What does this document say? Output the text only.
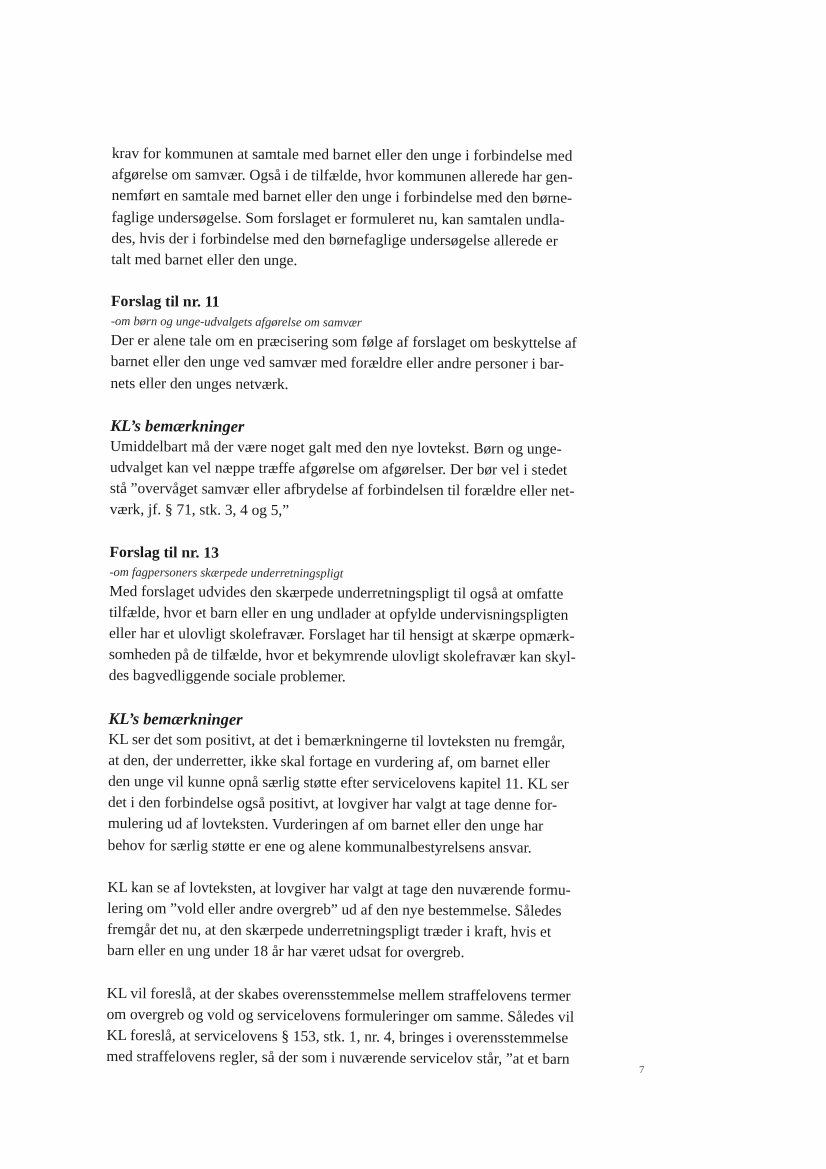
krav for kommunen at samtale med barnet eller den unge i forbindelse med
afgørelse om samvær. Også i de tilfælde, hvor kommunen allerede har gen-
nemført en samtale med barnet eller den unge i forbindelse med den børne-
faglige undersøgelse. Som forslaget er formuleret nu, kan samtalen undla-
des, hvis der i forbindelse med den børnefaglige undersøgelse allerede er
talt med barnet eller den unge.

Forslag til nr. 11

-om børn og unge-udvalgets afgørelse om samvær

Der er alene tale om en præcisering som følge af forslaget om beskyttelse af
barnet eller den unge ved samvær med forældre eller andre personer i bar-
nets eller den unges netværk.

KL’s bemærkninger

Umiddelbart må der være noget galt med den nye lovtekst. Børn og unge-
udvalget kan vel næppe træffe afgørelse om afgørelser. Der bør vel i stedet
stå ”overvåget samvær eller afbrydelse af forbindelsen til forældre eller net-
værk, jf. § 71, stk. 3, 4 og 5,”

Forslag til nr. 13

-om fagpersoners skærpede underretningspligt

Med forslaget udvides den skærpede underretningspligt til også at omfatte
tilfælde, hvor et barn eller en ung undlader at opfylde undervisningspligten
eller har et ulovligt skolefravær. Forslaget har til hensigt at skærpe opmærk-
somheden på de tilfælde, hvor et bekymrende ulovligt skolefravær kan skyl-
des bagvedliggende sociale problemer.

KL’s bemærkninger

KL ser det som positivt, at det i bemærkningerne til lovteksten nu fremgår,
at den, der underretter, ikke skal fortage en vurdering af, om barnet eller
den unge vil kunne opnå særlig støtte efter servicelovens kapitel 11. KL ser
det i den forbindelse også positivt, at lovgiver har valgt at tage denne for-
mulering ud af lovteksten. Vurderingen af om barnet eller den unge har
behov for særlig støtte er ene og alene kommunalbestyrelsens ansvar.

KL kan se af lovteksten, at lovgiver har valgt at tage den nuværende formu-
lering om ”vold eller andre overgreb” ud af den nye bestemmelse. Således
fremgår det nu, at den skærpede underretningspligt træder i kraft, hvis et
barn eller en ung under 18 år har været udsat for overgreb.

KL vil foreslå, at der skabes overensstemmelse mellem straffelovens termer
om overgreb og vold og servicelovens formuleringer om samme. Således vil
KL foreslå, at servicelovens § 153, stk. 1, nr. 4, bringes i overensstemmelse
med straffelovens regler, så der som i nuværende servicelov står, ”at et barn

7
